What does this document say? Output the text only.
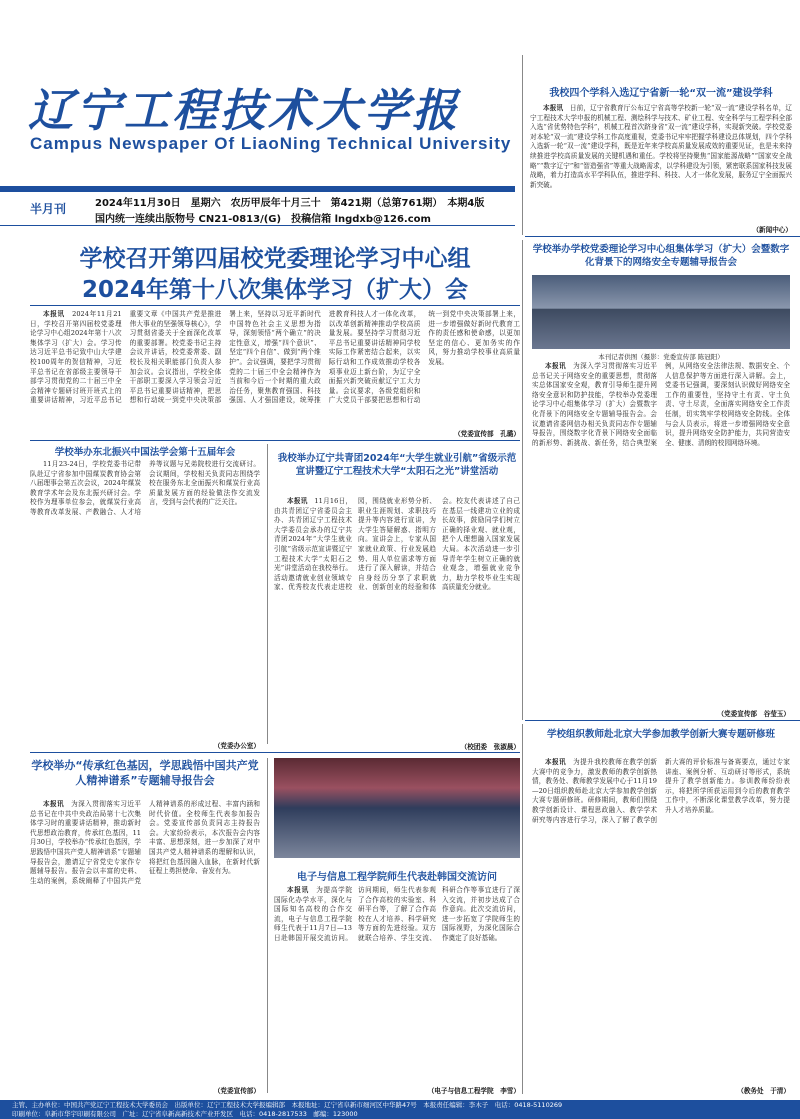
辽宁工程技术大学报
Campus Newspaper Of LiaoNing Technical University
半月刊	2024年11月30日　星期六　农历甲辰年十月三十　第421期（总第761期）　本期4版
国内统一连续出版物号 CN21-0813/(G)　投稿信箱 lngdxb@126.com
我校四个学科入选辽宁省新一轮“双一流”建设学科
本报讯　 日前，辽宁省教育厅公布辽宁省高等学校新一轮“双一流”建设学科名单，辽宁工程技术大学申报的机械工程、测绘科学与技术、矿业工程、安全科学与工程学科全部入选“省优势特色学科”，机械工程首次跻身省“双一流”建设学科，实现新突破。学校党委对本轮“双一流”建设学科工作高度重视，党委书记牢牢把握学科建设总体规划，四个学科入选新一轮“双一流”建设学科，既是近年来学校高质量发展成效的重要见证，也是未来持续推进学校高质量发展的关键机遇和重任。学校将坚持聚焦“国家能源战略”“国家安全战略”“数字辽宁”和“智造强省”等重大战略需求，以学科建设为引领，紧密联系国家科技发展战略，着力打造高水平学科队伍，推进学科、科技、人才一体化发展，服务辽宁全面振兴新突破。
（新闻中心）
学校召开第四届校党委理论学习中心组
2024年第十八次集体学习（扩大）会
本报讯　 2024年11月21日，学校召开第四届校党委理论学习中心组2024年第十八次集体学习（扩大）会。学习传达习近平总书记致中山大学建校100周年的贺信精神，习近平总书记在省部级主要领导干部学习贯彻党的二十届三中全会精神专题研讨班开班式上的重要讲话精神，习近平总书记重要文章《中国共产党是推进伟大事业的坚强领导核心》，学习贯彻省委关于全面深化改革的重要部署。校党委书记主持会议并讲话，校党委常委、副校长及相关职能部门负责人参加会议。会议指出，学校全体干部职工要深入学习领会习近平总书记重要讲话精神，把思想和行动统一到党中央决策部署上来，坚持以习近平新时代中国特色社会主义思想为指导，深刻领悟“两个确立”的决定性意义，增强“四个意识”、坚定“四个自信”、做到“两个维护”。会议强调，要把学习贯彻党的二十届三中全会精神作为当前和今后一个时期的重大政治任务，聚焦教育强国、科技强国、人才强国建设，统筹推进教育科技人才一体化改革，以改革创新精神推动学校高质量发展。要坚持学习贯彻习近平总书记重要讲话精神同学校实际工作紧密结合起来，以实际行动和工作成效推动学校各项事业迈上新台阶，为辽宁全面振兴新突破贡献辽宁工大力量。会议要求，各级党组织和广大党员干部要把思想和行动统一到党中央决策部署上来，进一步增强做好新时代教育工作的责任感和使命感，以更加坚定的信心、更加务实的作风，努力推动学校事业高质量发展。
（党委宣传部　孔璐）
学校举办学校党委理论学习中心组集体学习（扩大）会暨数字化背景下的网络安全专题辅导报告会
本刊记者供图（摄影：党委宣传部 陈冠阳）
本报讯　 为深入学习贯彻落实习近平总书记关于网络安全的重要思想，贯彻落实总体国家安全观，教育引导师生提升网络安全意识和防护技能，学校举办党委理论学习中心组集体学习（扩大）会暨数字化背景下的网络安全专题辅导报告会。会议邀请省委网信办相关负责同志作专题辅导报告，围绕数字化背景下网络安全面临的新形势、新挑战、新任务，结合典型案例，从网络安全法律法规、数据安全、个人信息保护等方面进行深入讲解。会上，党委书记强调，要深刻认识做好网络安全工作的重要性，坚持守土有责、守土负责、守土尽责，全面落实网络安全工作责任制，切实筑牢学校网络安全防线。全体与会人员表示，将进一步增强网络安全意识，提升网络安全防护能力，共同营造安全、健康、清朗的校园网络环境。
（党委宣传部　谷莹玉）
学校举办东北振兴中国法学会第十五届年会
11月23-24日，学校党委书记带队赴辽宁省参加中国煤炭教育协会第八届理事会第五次会议，2024年煤炭教育学术年会及东北振兴研讨会。学校作为理事单位参会，就煤炭行业高等教育改革发展、产教融合、人才培养等议题与兄弟院校进行交流研讨。会议期间，学校相关负责同志围绕学校在服务东北全面振兴和煤炭行业高质量发展方面的经验做法作交流发言，受到与会代表的广泛关注。
（党委办公室）
我校举办辽宁共青团2024年“大学生就业引航”省级示范宣讲暨辽宁工程技术大学“太阳石之光”讲堂活动
本报讯　 11月16日，由共青团辽宁省委员会主办、共青团辽宁工程技术大学委员会承办的辽宁共青团2024年“大学生就业引航”省级示范宣讲暨辽宁工程技术大学“太阳石之光”讲堂活动在我校举行。活动邀请就业创业领域专家、优秀校友代表走进校园，围绕就业形势分析、职业生涯规划、求职技巧提升等内容进行宣讲，为大学生答疑解惑、指明方向。宣讲会上，专家从国家就业政策、行业发展趋势、用人单位需求等方面进行了深入解读，并结合自身经历分享了求职就业、创新创业的经验和体会。校友代表讲述了自己在基层一线建功立业的成长故事，鼓励同学们树立正确的择业观、就业观，把个人理想融入国家发展大局。本次活动进一步引导青年学生树立正确的就业观念，增强就业竞争力，助力学校毕业生实现高质量充分就业。
（校团委　张淑晨）
学校举办“传承红色基因，学思践悟中国共产党人精神谱系”专题辅导报告会
本报讯　 为深入贯彻落实习近平总书记在中共中央政治局第十七次集体学习时的重要讲话精神，推动新时代思想政治教育，传承红色基因，11月30日，学校举办“传承红色基因，学思践悟中国共产党人精神谱系”专题辅导报告会，邀请辽宁省党史专家作专题辅导报告。报告会以丰富的史料、生动的案例，系统阐释了中国共产党人精神谱系的形成过程、丰富内涵和时代价值。全校师生代表参加报告会。党委宣传部负责同志主持报告会。大家纷纷表示，本次报告会内容丰富、思想深刻，进一步加深了对中国共产党人精神谱系的理解和认识，将把红色基因融入血脉，在新时代新征程上勇担使命、奋发有为。
（党委宣传部）
电子与信息工程学院师生代表赴韩国交流访问
本报讯　 为提高学院国际化办学水平，深化与国际知名高校的合作交流，电子与信息工程学院师生代表于11月7日—13日赴韩国开展交流访问。访问期间，师生代表参观了合作高校的实验室、科研平台等，了解了合作高校在人才培养、科学研究等方面的先进经验。双方就联合培养、学生交流、科研合作等事宜进行了深入交流，并初步达成了合作意向。此次交流访问，进一步拓宽了学院师生的国际视野，为深化国际合作奠定了良好基础。
（电子与信息工程学院　李雪）
学校组织教师赴北京大学参加教学创新大赛专题研修班
本报讯　 为提升我校教师在教学创新大赛中的竞争力，激发教师的教学创新热情，教务处、教师教学发展中心于11月19—20日组织教师赴北京大学参加教学创新大赛专题研修班。研修期间，教师们围绕教学创新设计、课程思政融入、教学学术研究等内容进行学习，深入了解了教学创新大赛的评价标准与备赛要点，通过专家讲座、案例分析、互动研讨等形式，系统提升了教学创新能力。参训教师纷纷表示，将把所学所获运用到今后的教育教学工作中，不断深化课堂教学改革，努力提升人才培养质量。
（教务处　于清）
主管、主办单位：中国共产党辽宁工程技术大学委员会　出版单位：辽宁工程技术大学报编辑部　本报地址：辽宁省阜新市细河区中华路47号　本报责任编辑：李木子　电话：0418-5110269
印刷单位：阜新市华宇印刷有限公司　广址：辽宁省阜新高新技术产业开发区　电话：0418-2817533　邮编：123000
